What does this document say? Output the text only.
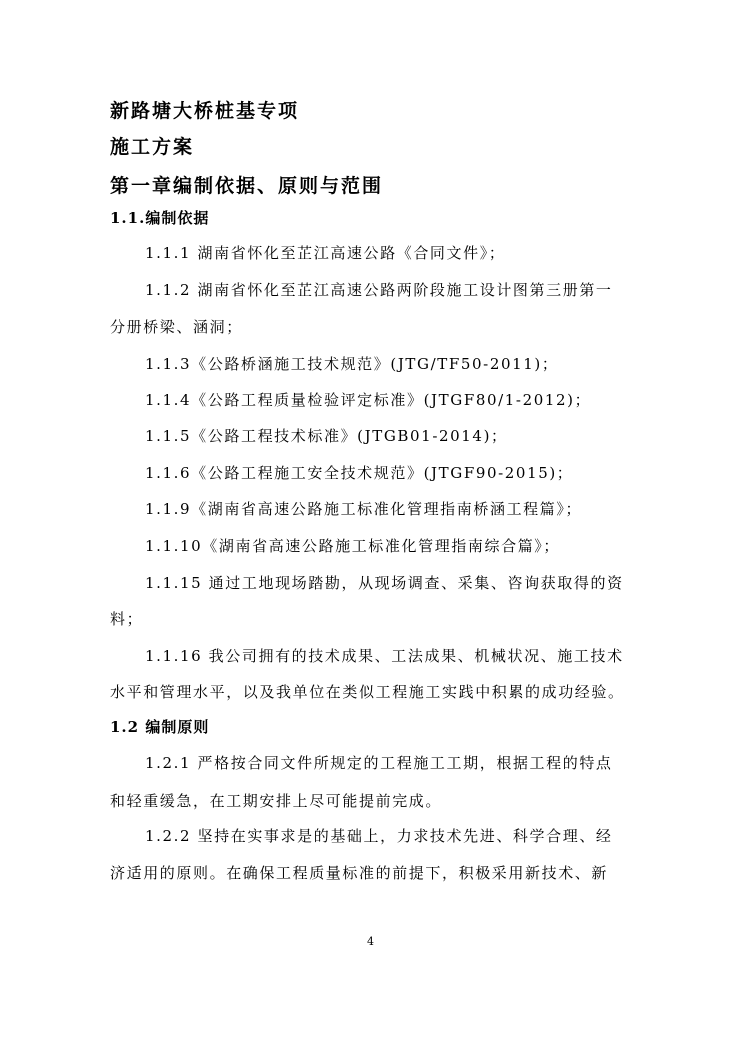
新路塘大桥桩基专项

施工方案

第一章编制依据、原则与范围

1.1.编制依据

1.1.1 湖南省怀化至芷江高速公路《合同文件》；

1.1.2 湖南省怀化至芷江高速公路两阶段施工设计图第三册第一

分册桥梁、涵洞；

1.1.3《公路桥涵施工技术规范》(JTG/TF50-2011)；

1.1.4《公路工程质量检验评定标准》(JTGF80/1-2012)；

1.1.5《公路工程技术标准》(JTGB01-2014)；

1.1.6《公路工程施工安全技术规范》(JTGF90-2015)；

1.1.9《湖南省高速公路施工标准化管理指南桥涵工程篇》；

1.1.10《湖南省高速公路施工标准化管理指南综合篇》；

1.1.15 通过工地现场踏勘，从现场调查、采集、咨询获取得的资

料；

1.1.16 我公司拥有的技术成果、工法成果、机械状况、施工技术

水平和管理水平，以及我单位在类似工程施工实践中积累的成功经验。

1.2 编制原则

1.2.1 严格按合同文件所规定的工程施工工期，根据工程的特点

和轻重缓急，在工期安排上尽可能提前完成。

1.2.2 坚持在实事求是的基础上，力求技术先进、科学合理、经

济适用的原则。在确保工程质量标准的前提下，积极采用新技术、新

4
